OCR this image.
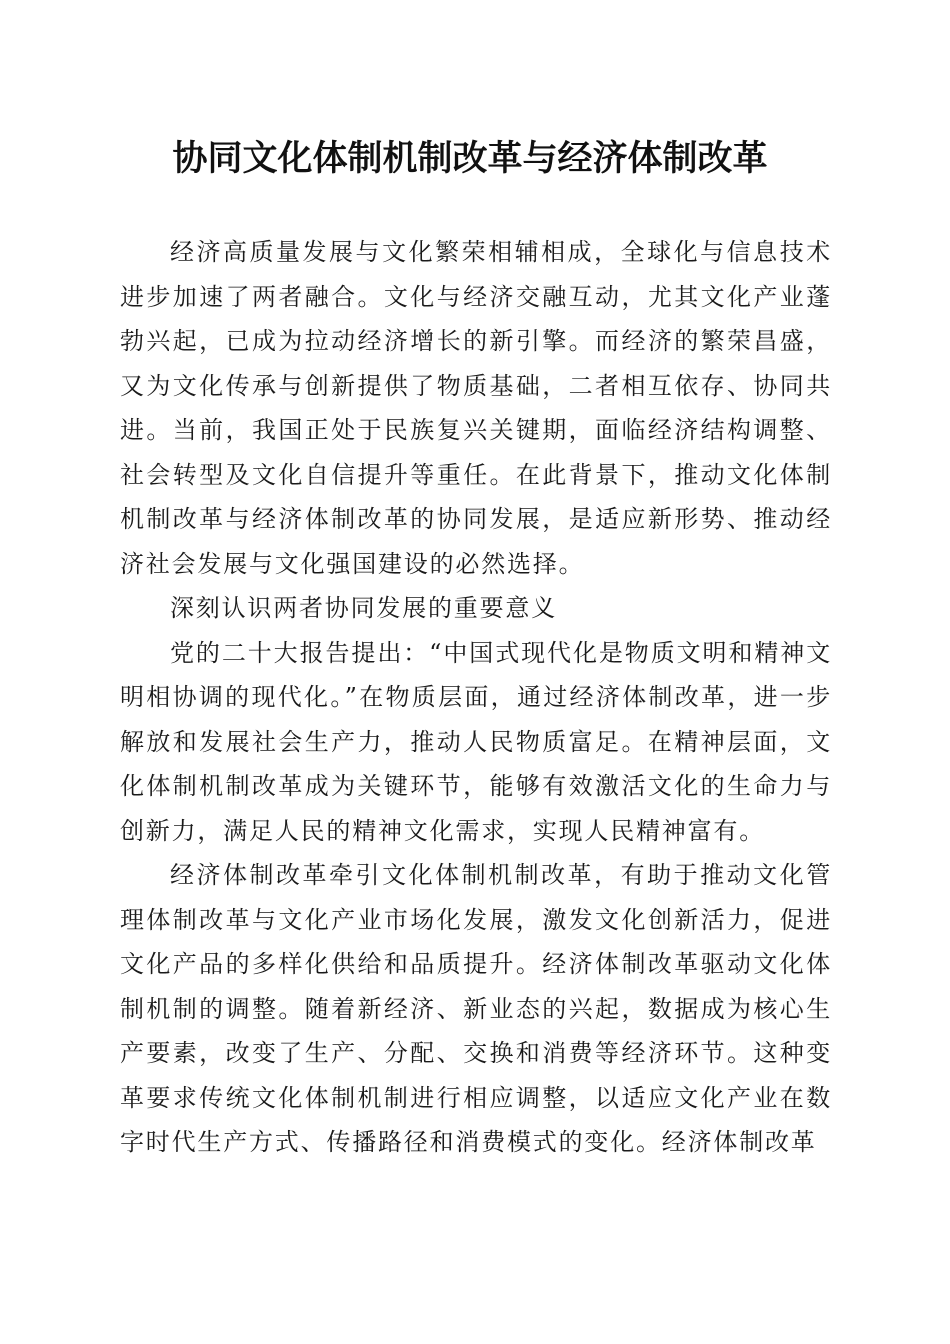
协同文化体制机制改革与经济体制改革

经济高质量发展与文化繁荣相辅相成，全球化与信息技术进步加速了两者融合。文化与经济交融互动，尤其文化产业蓬勃兴起，已成为拉动经济增长的新引擎。而经济的繁荣昌盛，又为文化传承与创新提供了物质基础，二者相互依存、协同共进。当前，我国正处于民族复兴关键期，面临经济结构调整、社会转型及文化自信提升等重任。在此背景下，推动文化体制机制改革与经济体制改革的协同发展，是适应新形势、推动经济社会发展与文化强国建设的必然选择。

深刻认识两者协同发展的重要意义

党的二十大报告提出：“中国式现代化是物质文明和精神文明相协调的现代化。”在物质层面，通过经济体制改革，进一步解放和发展社会生产力，推动人民物质富足。在精神层面，文化体制机制改革成为关键环节，能够有效激活文化的生命力与创新力，满足人民的精神文化需求，实现人民精神富有。

经济体制改革牵引文化体制机制改革，有助于推动文化管理体制改革与文化产业市场化发展，激发文化创新活力，促进文化产品的多样化供给和品质提升。经济体制改革驱动文化体制机制的调整。随着新经济、新业态的兴起，数据成为核心生产要素，改变了生产、分配、交换和消费等经济环节。这种变革要求传统文化体制机制进行相应调整，以适应文化产业在数字时代生产方式、传播路径和消费模式的变化。经济体制改革
